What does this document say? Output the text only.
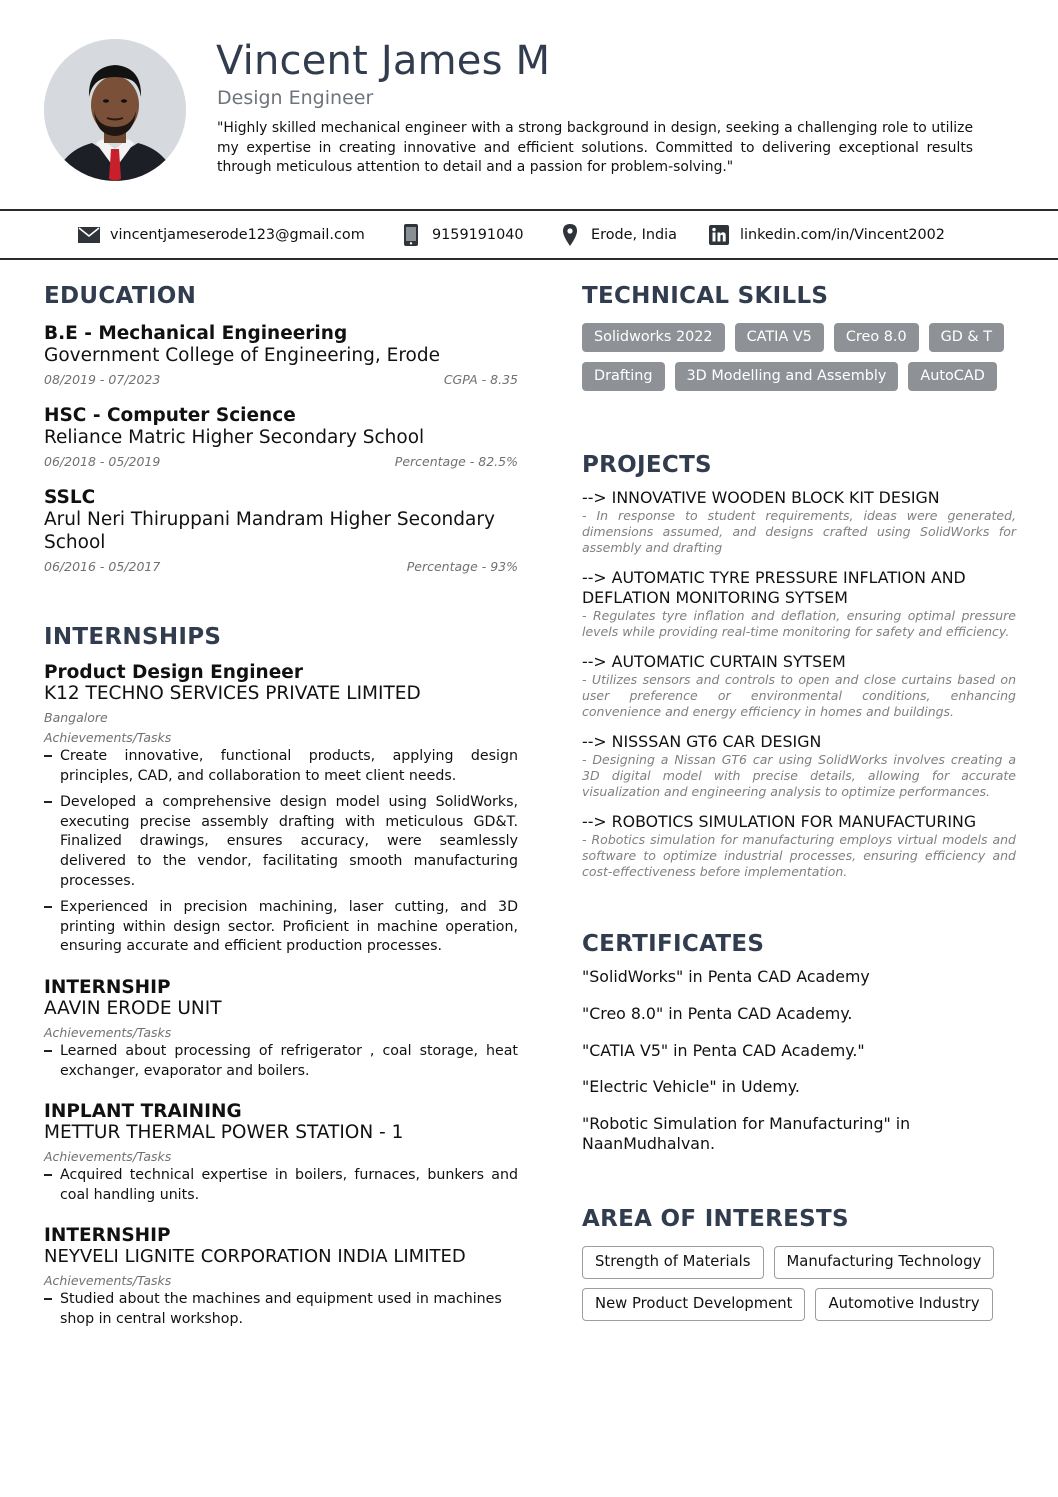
Vincent James M
Design Engineer
"Highly skilled mechanical engineer with a strong background in design, seeking a challenging role to utilize my expertise in creating innovative and efficient solutions. Committed to delivering exceptional results through meticulous attention to detail and a passion for problem-solving."
vincentjameserode123@gmail.com	9159191040	Erode, India	linkedin.com/in/Vincent2002
EDUCATION
B.E - Mechanical Engineering
Government College of Engineering, Erode
08/2019 - 07/2023	CGPA - 8.35
HSC - Computer Science
Reliance Matric Higher Secondary School
06/2018 - 05/2019	Percentage - 82.5%
SSLC
Arul Neri Thiruppani Mandram Higher Secondary School
06/2016 - 05/2017	Percentage - 93%
INTERNSHIPS
Product Design Engineer
K12 TECHNO SERVICES PRIVATE LIMITED
Bangalore
Achievements/Tasks
Create innovative, functional products, applying design principles, CAD, and collaboration to meet client needs.
Developed a comprehensive design model using SolidWorks, executing precise assembly drafting with meticulous GD&T. Finalized drawings, ensures accuracy, were seamlessly delivered to the vendor, facilitating smooth manufacturing processes.
Experienced in precision machining, laser cutting, and 3D printing within design sector. Proficient in machine operation, ensuring accurate and efficient production processes.
INTERNSHIP
AAVIN ERODE UNIT
Achievements/Tasks
Learned about processing of refrigerator , coal storage, heat exchanger, evaporator and boilers.
INPLANT TRAINING
METTUR THERMAL POWER STATION - 1
Achievements/Tasks
Acquired technical expertise in boilers, furnaces, bunkers and coal handling units.
INTERNSHIP
NEYVELI LIGNITE CORPORATION INDIA LIMITED
Achievements/Tasks
Studied about the machines and equipment used in machines shop in central workshop.
TECHNICAL SKILLS
Solidworks 2022	CATIA V5	Creo 8.0	GD & T
Drafting	3D Modelling and Assembly	AutoCAD
PROJECTS
--> INNOVATIVE WOODEN BLOCK KIT DESIGN
- In response to student requirements, ideas were generated, dimensions assumed, and designs crafted using SolidWorks for assembly and drafting
--> AUTOMATIC TYRE PRESSURE INFLATION AND DEFLATION MONITORING SYTSEM
- Regulates tyre inflation and deflation, ensuring optimal pressure levels while providing real-time monitoring for safety and efficiency.
--> AUTOMATIC CURTAIN SYTSEM
- Utilizes sensors and controls to open and close curtains based on user preference or environmental conditions, enhancing convenience and energy efficiency in homes and buildings.
--> NISSSAN GT6 CAR DESIGN
- Designing a Nissan GT6 car using SolidWorks involves creating a 3D digital model with precise details, allowing for accurate visualization and engineering analysis to optimize performances.
--> ROBOTICS SIMULATION FOR MANUFACTURING
- Robotics simulation for manufacturing employs virtual models and software to optimize industrial processes, ensuring efficiency and cost-effectiveness before implementation.
CERTIFICATES
"SolidWorks" in Penta CAD Academy
"Creo 8.0" in Penta CAD Academy.
"CATIA V5" in Penta CAD Academy."
"Electric Vehicle" in Udemy.
"Robotic Simulation for Manufacturing" in NaanMudhalvan.
AREA OF INTERESTS
Strength of Materials	Manufacturing Technology
New Product Development	Automotive Industry
